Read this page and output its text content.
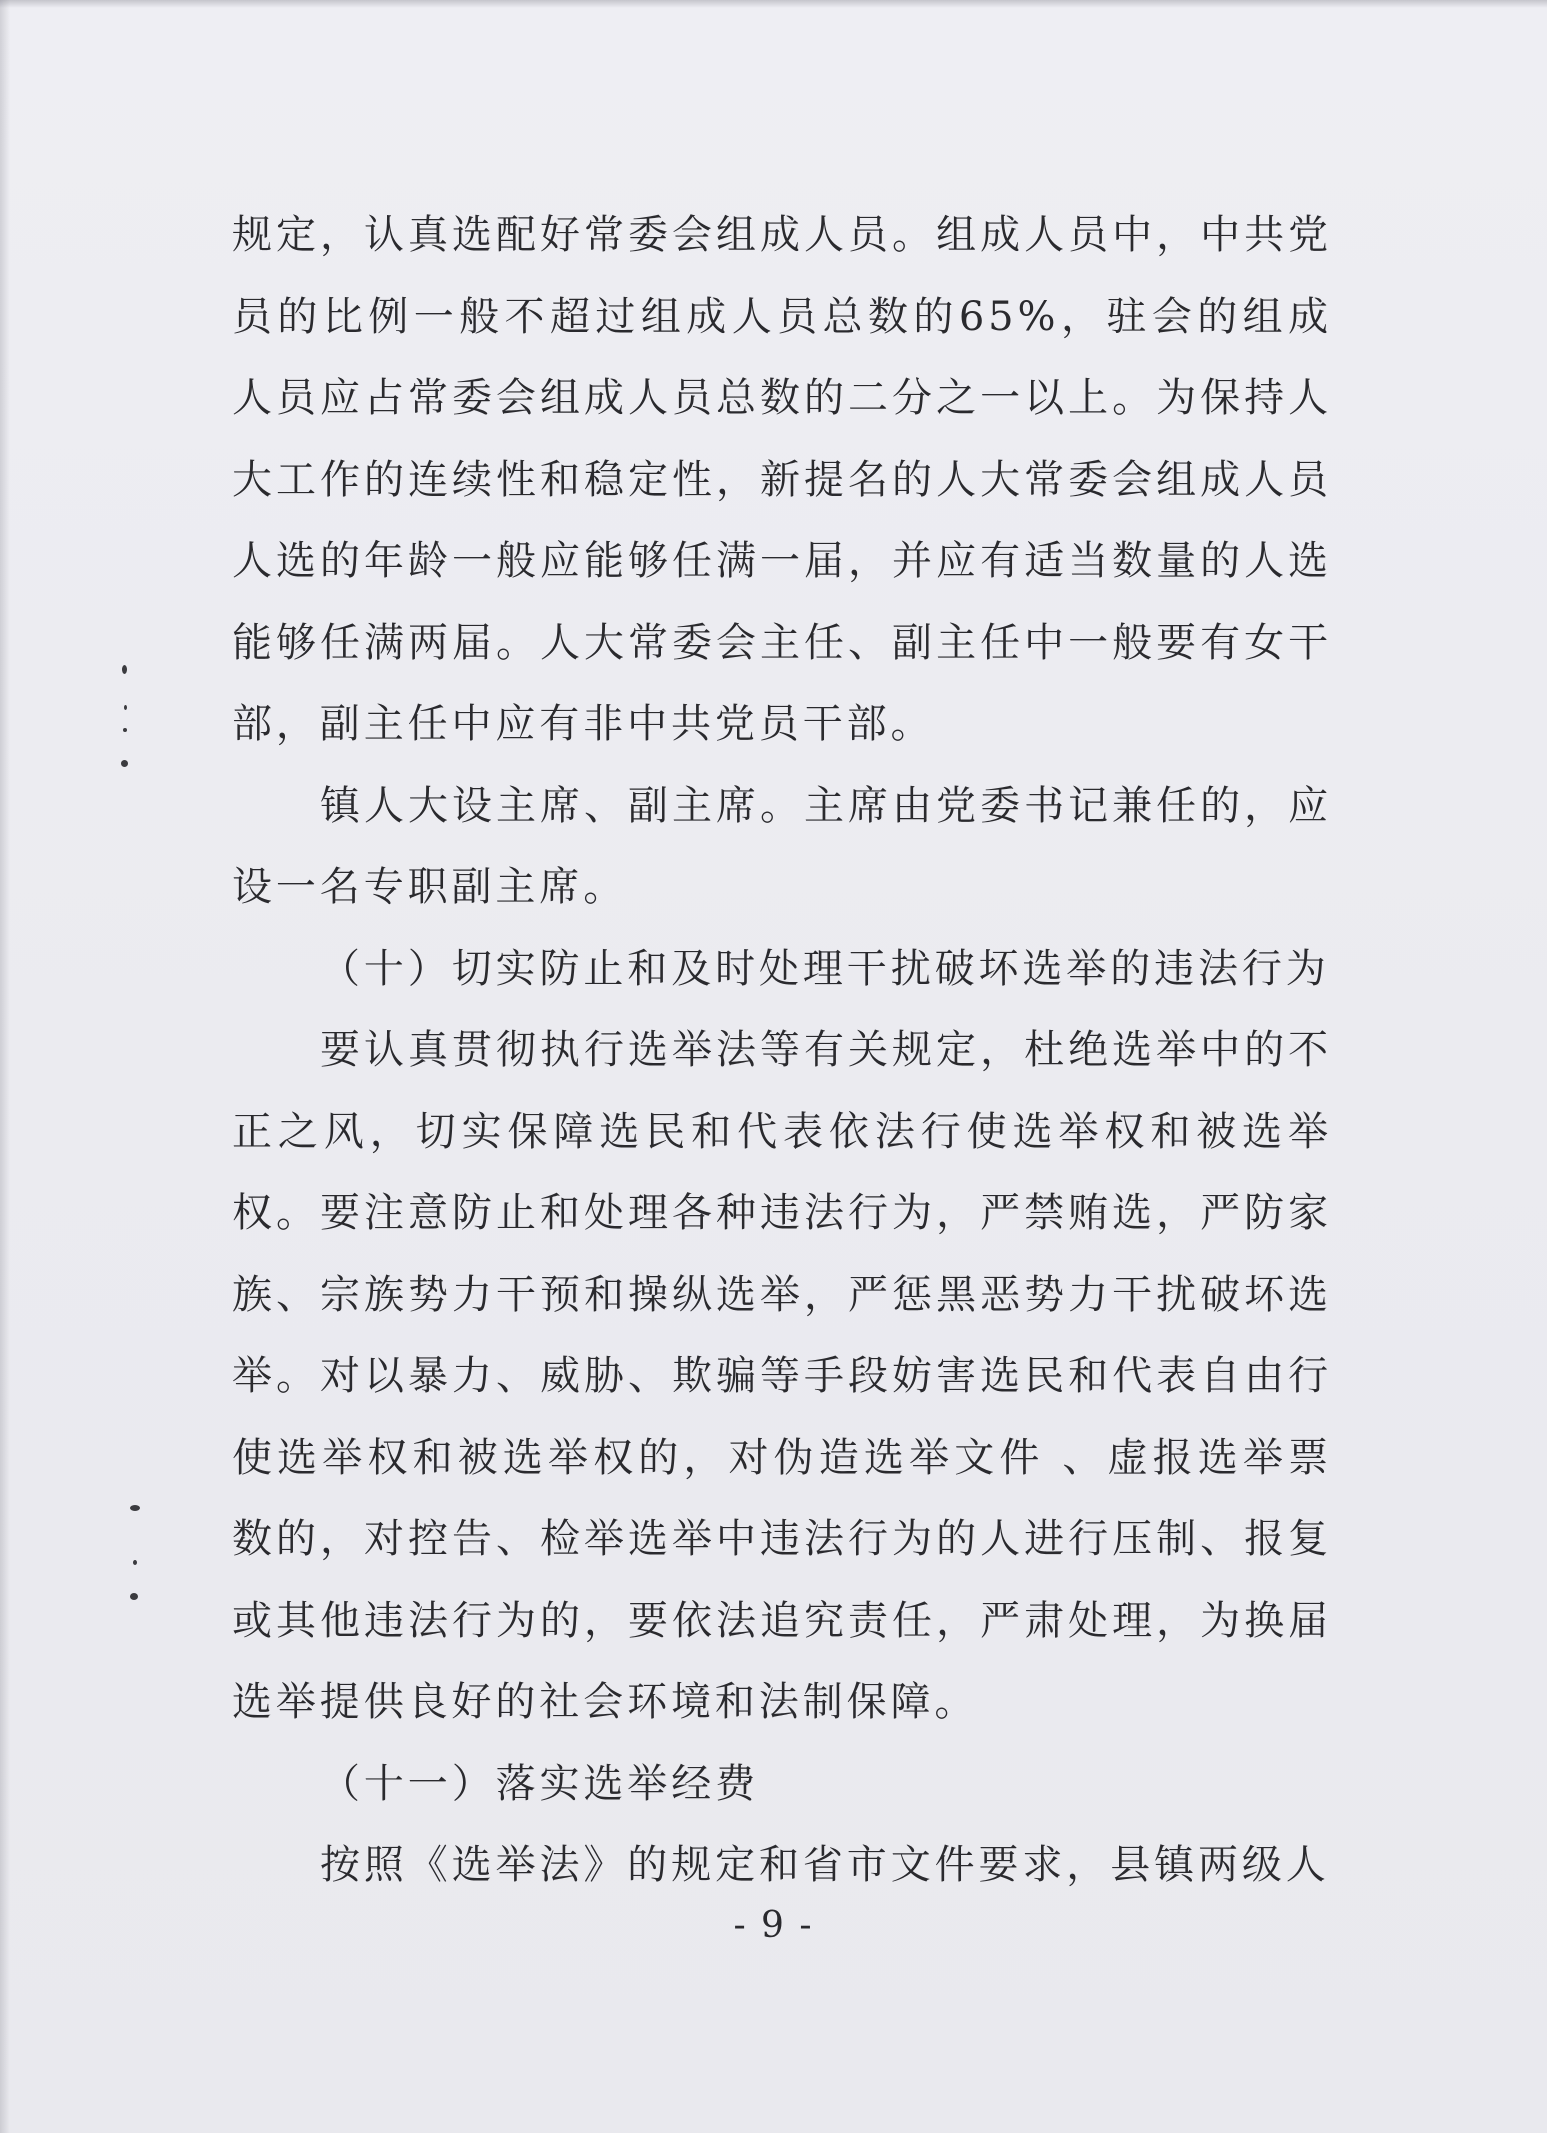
规定，认真选配好常委会组成人员。组成人员中，中共党员的比例一般不超过组成人员总数的65%，驻会的组成人员应占常委会组成人员总数的二分之一以上。为保持人大工作的连续性和稳定性，新提名的人大常委会组成人员人选的年龄一般应能够任满一届，并应有适当数量的人选能够任满两届。人大常委会主任、副主任中一般要有女干部，副主任中应有非中共党员干部。

镇人大设主席、副主席。主席由党委书记兼任的，应设一名专职副主席。

（十）切实防止和及时处理干扰破坏选举的违法行为

要认真贯彻执行选举法等有关规定，杜绝选举中的不正之风，切实保障选民和代表依法行使选举权和被选举权。要注意防止和处理各种违法行为，严禁贿选，严防家族、宗族势力干预和操纵选举，严惩黑恶势力干扰破坏选举。对以暴力、威胁、欺骗等手段妨害选民和代表自由行使选举权和被选举权的，对伪造选举文件 、虚报选举票数的，对控告、检举选举中违法行为的人进行压制、报复或其他违法行为的，要依法追究责任，严肃处理，为换届选举提供良好的社会环境和法制保障。

（十一）落实选举经费

按照《选举法》的规定和省市文件要求，县镇两级人

- 9 -
